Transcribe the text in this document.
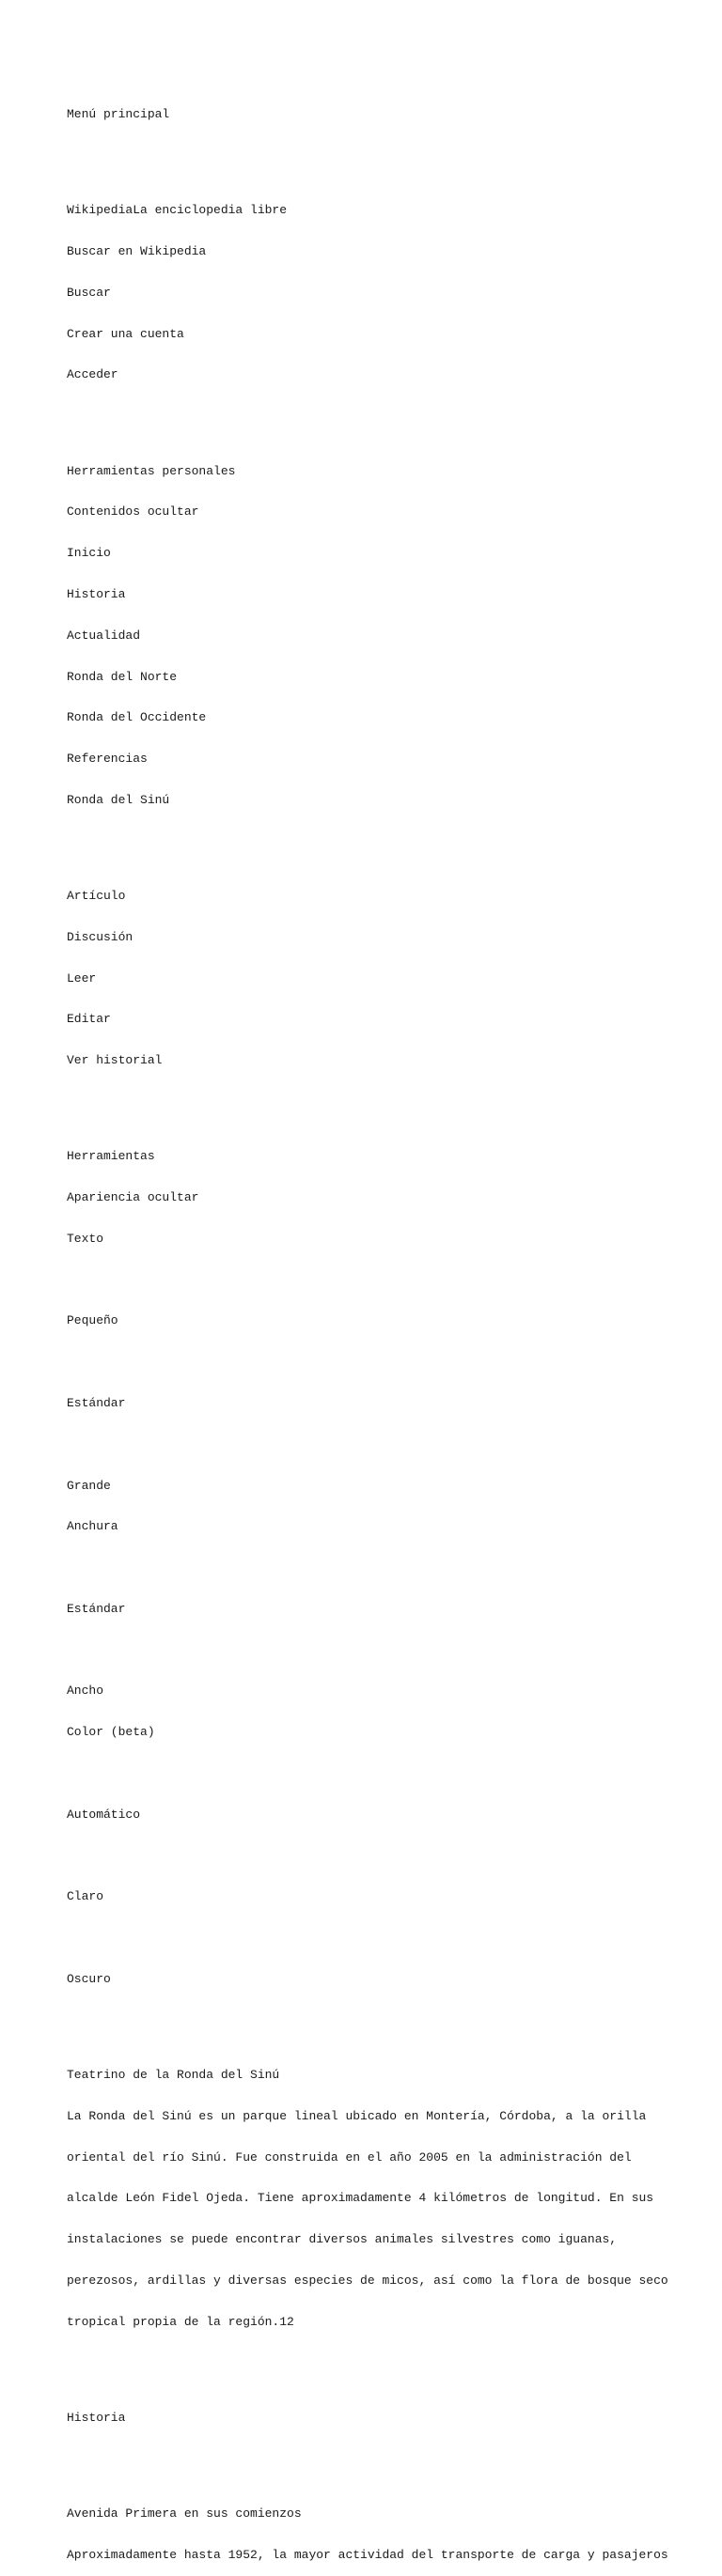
Menú principal

WikipediaLa enciclopedia libre

Buscar en Wikipedia

Buscar

Crear una cuenta

Acceder

Herramientas personales

Contenidos ocultar

Inicio

Historia

Actualidad

Ronda del Norte

Ronda del Occidente

Referencias

Ronda del Sinú

Artículo

Discusión

Leer

Editar

Ver historial

Herramientas

Apariencia ocultar

Texto

Pequeño

Estándar

Grande

Anchura

Estándar

Ancho

Color (beta)

Automático

Claro

Oscuro

Teatrino de la Ronda del Sinú

La Ronda del Sinú es un parque lineal ubicado en Montería, Córdoba, a la orilla

oriental del río Sinú. Fue construida en el año 2005 en la administración del

alcalde León Fidel Ojeda. Tiene aproximadamente 4 kilómetros de longitud. En sus

instalaciones se puede encontrar diversos animales silvestres como iguanas,

perezosos, ardillas y diversas especies de micos, así como la flora de bosque seco

tropical propia de la región.12

Historia

Avenida Primera en sus comienzos

Aproximadamente hasta 1952, la mayor actividad del transporte de carga y pasajeros
